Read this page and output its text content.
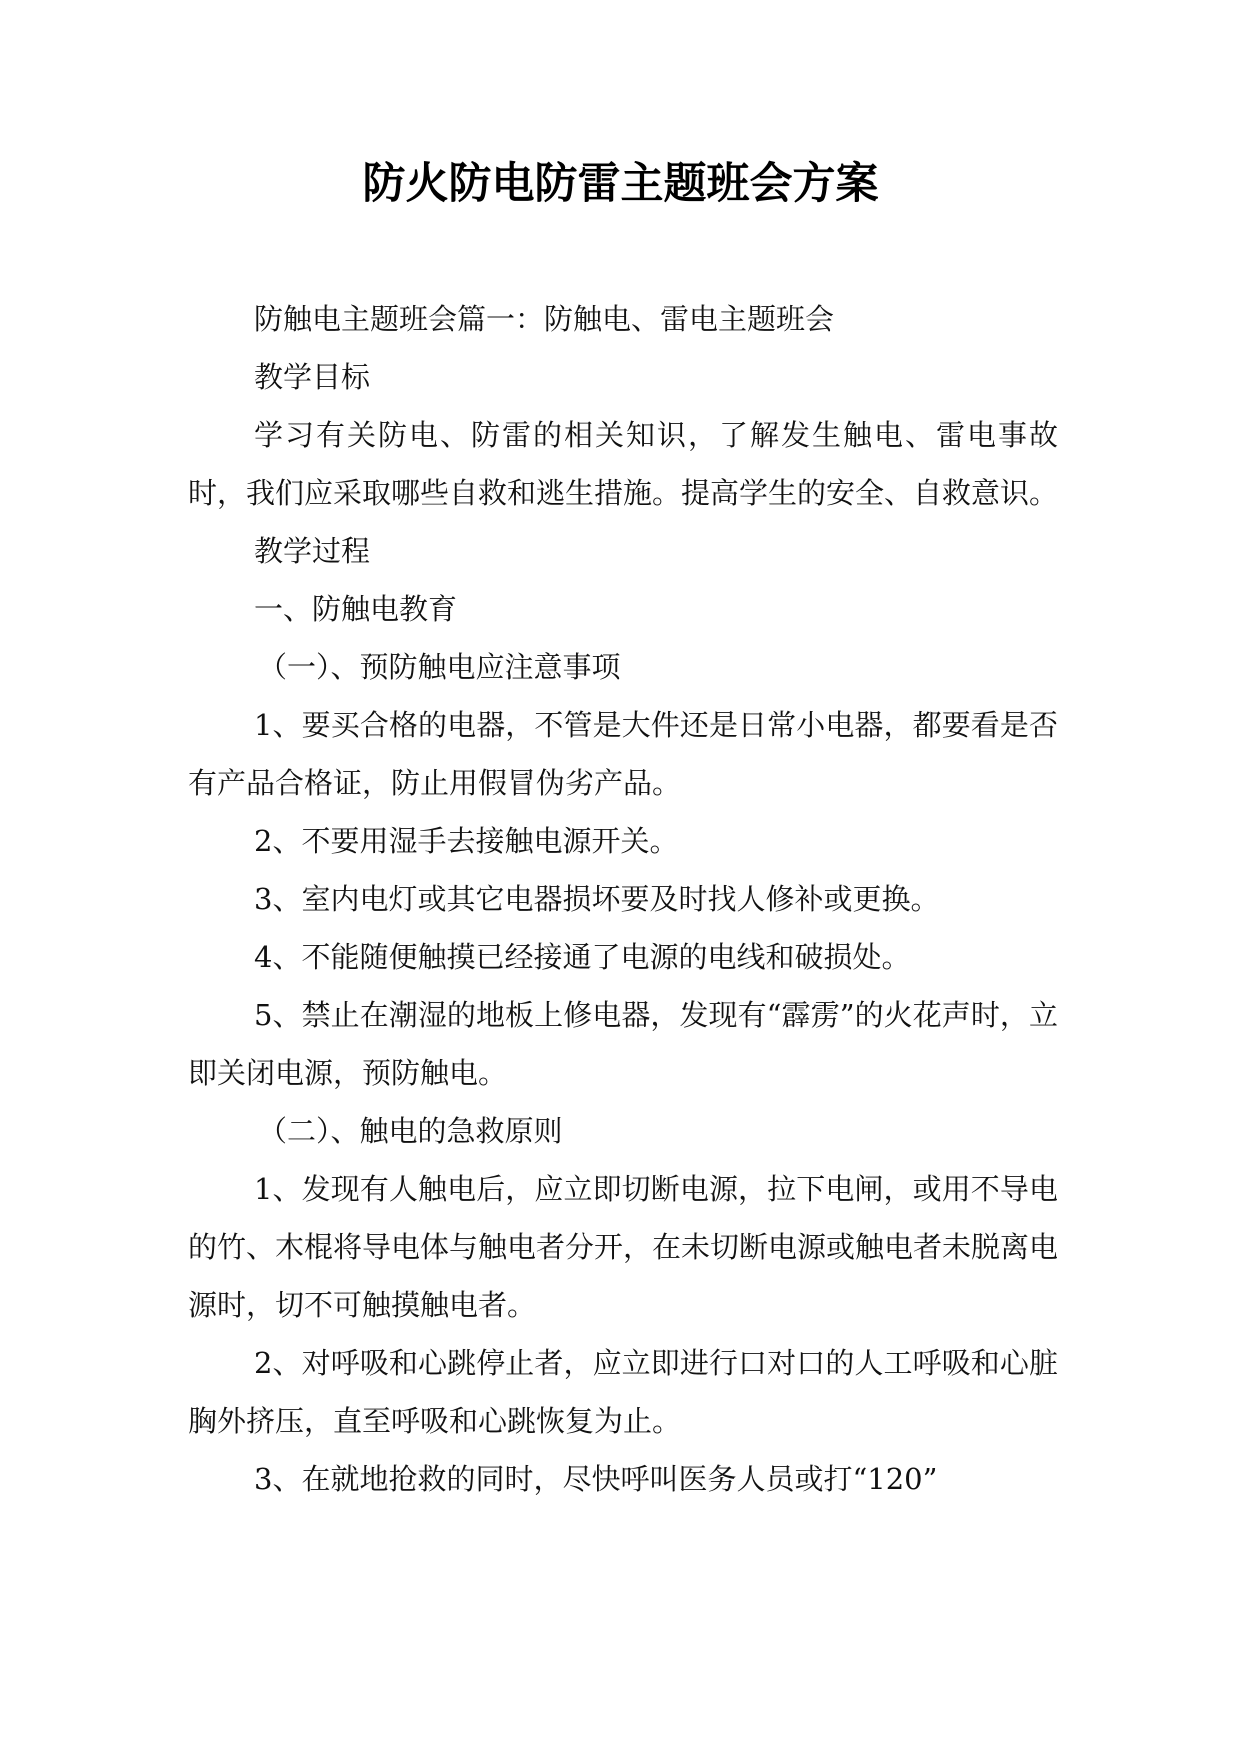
防火防电防雷主题班会方案

防触电主题班会篇一：防触电、雷电主题班会

教学目标

学习有关防电、防雷的相关知识，了解发生触电、雷电事故时，我们应采取哪些自救和逃生措施。提高学生的安全、自救意识。

教学过程

一、防触电教育

（一）、预防触电应注意事项

1、要买合格的电器，不管是大件还是日常小电器，都要看是否有产品合格证，防止用假冒伪劣产品。

2、不要用湿手去接触电源开关。

3、室内电灯或其它电器损坏要及时找人修补或更换。

4、不能随便触摸已经接通了电源的电线和破损处。

5、禁止在潮湿的地板上修电器，发现有“霹雳”的火花声时，立即关闭电源，预防触电。

（二）、触电的急救原则

1、发现有人触电后，应立即切断电源，拉下电闸，或用不导电的竹、木棍将导电体与触电者分开，在未切断电源或触电者未脱离电源时，切不可触摸触电者。

2、对呼吸和心跳停止者，应立即进行口对口的人工呼吸和心脏胸外挤压，直至呼吸和心跳恢复为止。

3、在就地抢救的同时，尽快呼叫医务人员或打“120”
